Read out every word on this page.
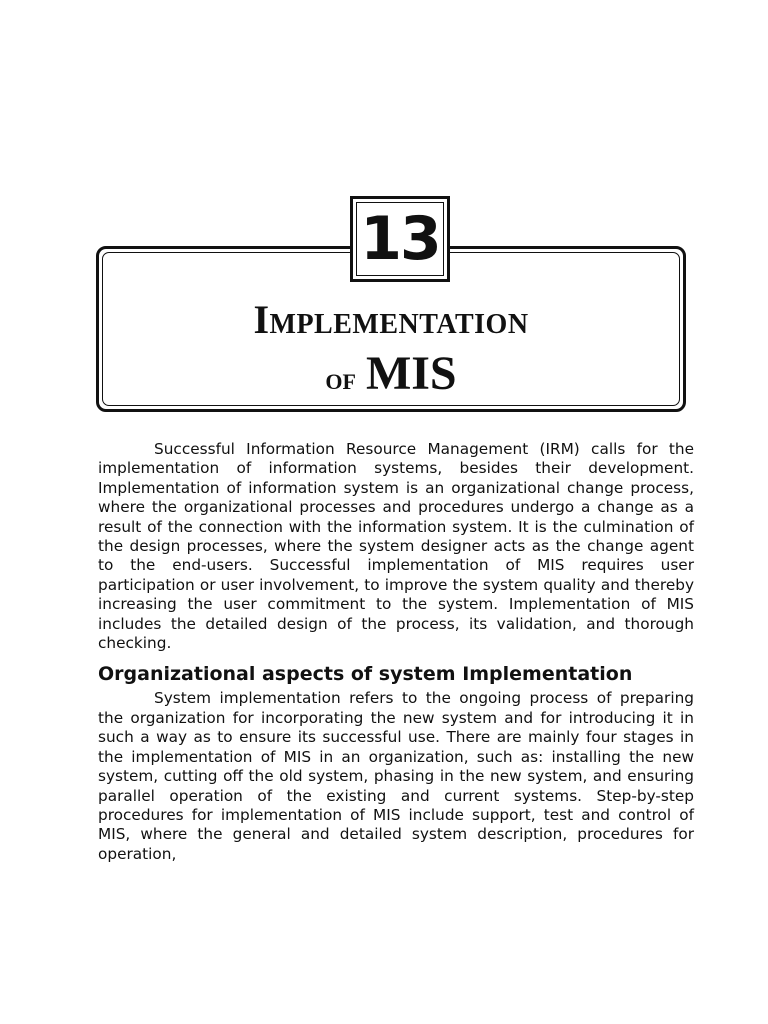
13
Implementation
of MIS

Successful Information Resource Management (IRM) calls for the implementation of information systems, besides their development. Implementation of information system is an organizational change process, where the organizational processes and procedures undergo a change as a result of the connection with the information system. It is the culmination of the design processes, where the system designer acts as the change agent to the end-users. Successful implementation of MIS requires user participation or user involvement, to improve the system quality and thereby increasing the user commitment to the system. Implementation of MIS includes the detailed design of the process, its validation, and thorough checking.

Organizational aspects of system Implementation

System implementation refers to the ongoing process of preparing the organization for incorporating the new system and for introducing it in such a way as to ensure its successful use. There are mainly four stages in the implementation of MIS in an organization, such as: installing the new system, cutting off the old system, phasing in the new system, and ensuring parallel operation of the existing and current systems. Step-by-step procedures for implementation of MIS include support, test and control of MIS, where the general and detailed system description, procedures for operation,
